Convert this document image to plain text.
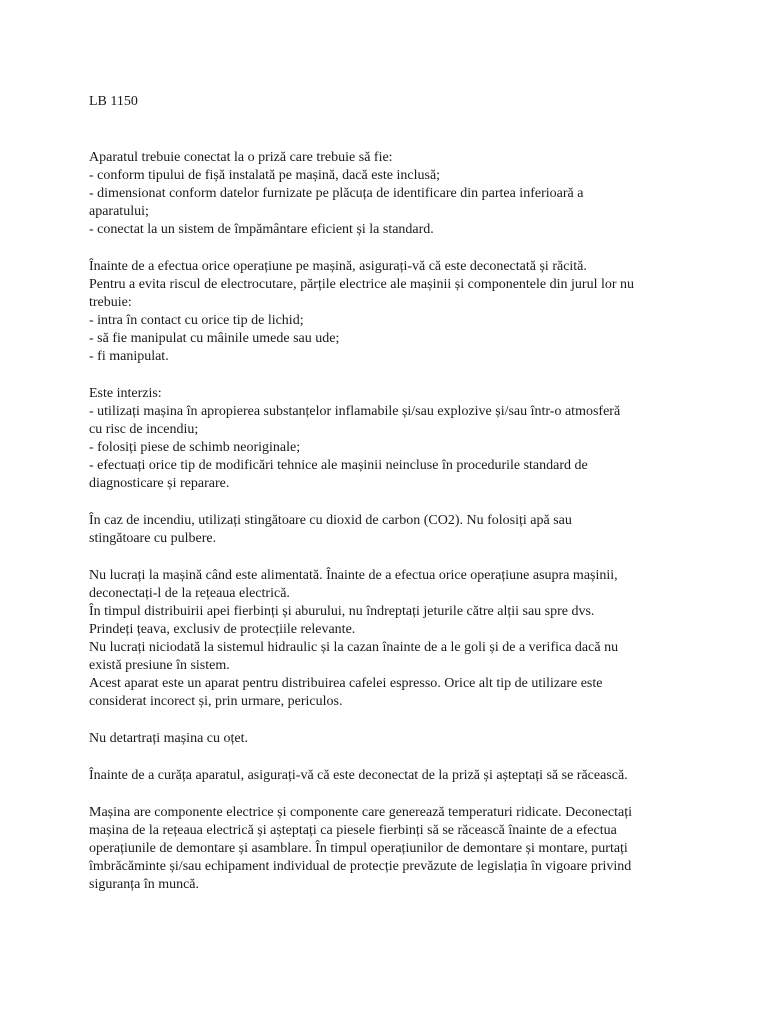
LB 1150
Aparatul trebuie conectat la o priză care trebuie să fie:
- conform tipului de fișă instalată pe mașină, dacă este inclusă;
- dimensionat conform datelor furnizate pe plăcuța de identificare din partea inferioară a
aparatului;
- conectat la un sistem de împământare eficient și la standard.
Înainte de a efectua orice operațiune pe mașină, asigurați-vă că este deconectată și răcită.
Pentru a evita riscul de electrocutare, părțile electrice ale mașinii și componentele din jurul lor nu
trebuie:
- intra în contact cu orice tip de lichid;
- să fie manipulat cu mâinile umede sau ude;
- fi manipulat.
Este interzis:
- utilizați mașina în apropierea substanțelor inflamabile și/sau explozive și/sau într-o atmosferă
cu risc de incendiu;
- folosiți piese de schimb neoriginale;
- efectuați orice tip de modificări tehnice ale mașinii neincluse în procedurile standard de
diagnosticare și reparare.
În caz de incendiu, utilizați stingătoare cu dioxid de carbon (CO2). Nu folosiți apă sau
stingătoare cu pulbere.
Nu lucrați la mașină când este alimentată. Înainte de a efectua orice operațiune asupra mașinii,
deconectați-l de la rețeaua electrică.
În timpul distribuirii apei fierbinți și aburului, nu îndreptați jeturile către alții sau spre dvs.
Prindeți țeava, exclusiv de protecțiile relevante.
Nu lucrați niciodată la sistemul hidraulic și la cazan înainte de a le goli și de a verifica dacă nu
există presiune în sistem.
Acest aparat este un aparat pentru distribuirea cafelei espresso. Orice alt tip de utilizare este
considerat incorect și, prin urmare, periculos.
Nu detartrați mașina cu oțet.
Înainte de a curăța aparatul, asigurați-vă că este deconectat de la priză și așteptați să se răcească.
Mașina are componente electrice și componente care generează temperaturi ridicate. Deconectați
mașina de la rețeaua electrică și așteptați ca piesele fierbinți să se răcească înainte de a efectua
operațiunile de demontare și asamblare. În timpul operațiunilor de demontare și montare, purtați
îmbrăcăminte și/sau echipament individual de protecție prevăzute de legislația în vigoare privind
siguranța în muncă.
